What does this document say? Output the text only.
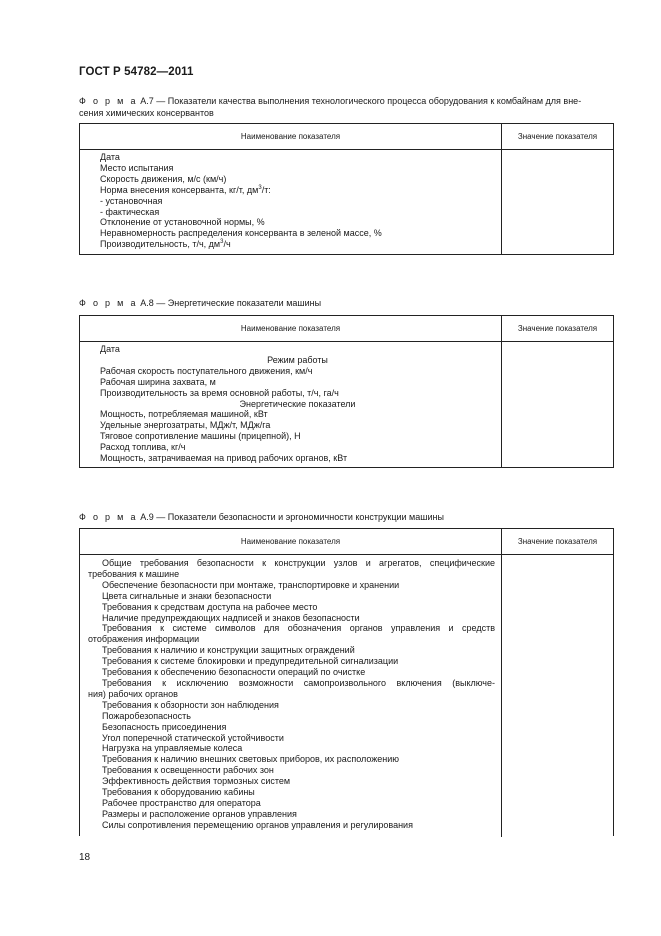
ГОСТ Р 54782—2011
Ф о р м а А.7 — Показатели качества выполнения технологического процесса оборудования к комбайнам для вне-
сения химических консервантов
Наименование показателя	Значение показателя
Дата
Место испытания
Скорость движения, м/с (км/ч)
Норма внесения консерванта, кг/т, $дм^3/т$:
- установочная
- фактическая
Отклонение от установочной нормы, %
Неравномерность распределения консерванта в зеленой массе, %
Производительность, т/ч, $дм^3/ч$
Ф о р м а А.8 — Энергетические показатели машины
Наименование показателя	Значение показателя
Дата
Режим работы
Рабочая скорость поступательного движения, км/ч
Рабочая ширина захвата, м
Производительность за время основной работы, т/ч, га/ч
Энергетические показатели
Мощность, потребляемая машиной, кВт
Удельные энергозатраты, МДж/т, МДж/га
Тяговое сопротивление машины (прицепной), Н
Расход топлива, кг/ч
Мощность, затрачиваемая на привод рабочих органов, кВт
Ф о р м а А.9 — Показатели безопасности и эргономичности конструкции машины
Наименование показателя	Значение показателя
Общие требования безопасности к конструкции узлов и агрегатов, специфические
требования к машине
Обеспечение безопасности при монтаже, транспортировке и хранении
Цвета сигнальные и знаки безопасности
Требования к средствам доступа на рабочее место
Наличие предупреждающих надписей и знаков безопасности
Требования к системе символов для обозначения органов управления и средств
отображения информации
Требования к наличию и конструкции защитных ограждений
Требования к системе блокировки и предупредительной сигнализации
Требования к обеспечению безопасности операций по очистке
Требования к исключению возможности самопроизвольного включения (выключе-
ния) рабочих органов
Требования к обзорности зон наблюдения
Пожаробезопасность
Безопасность присоединения
Угол поперечной статической устойчивости
Нагрузка на управляемые колеса
Требования к наличию внешних световых приборов, их расположению
Требования к освещенности рабочих зон
Эффективность действия тормозных систем
Требования к оборудованию кабины
Рабочее пространство для оператора
Размеры и расположение органов управления
Силы сопротивления перемещению органов управления и регулирования
18
